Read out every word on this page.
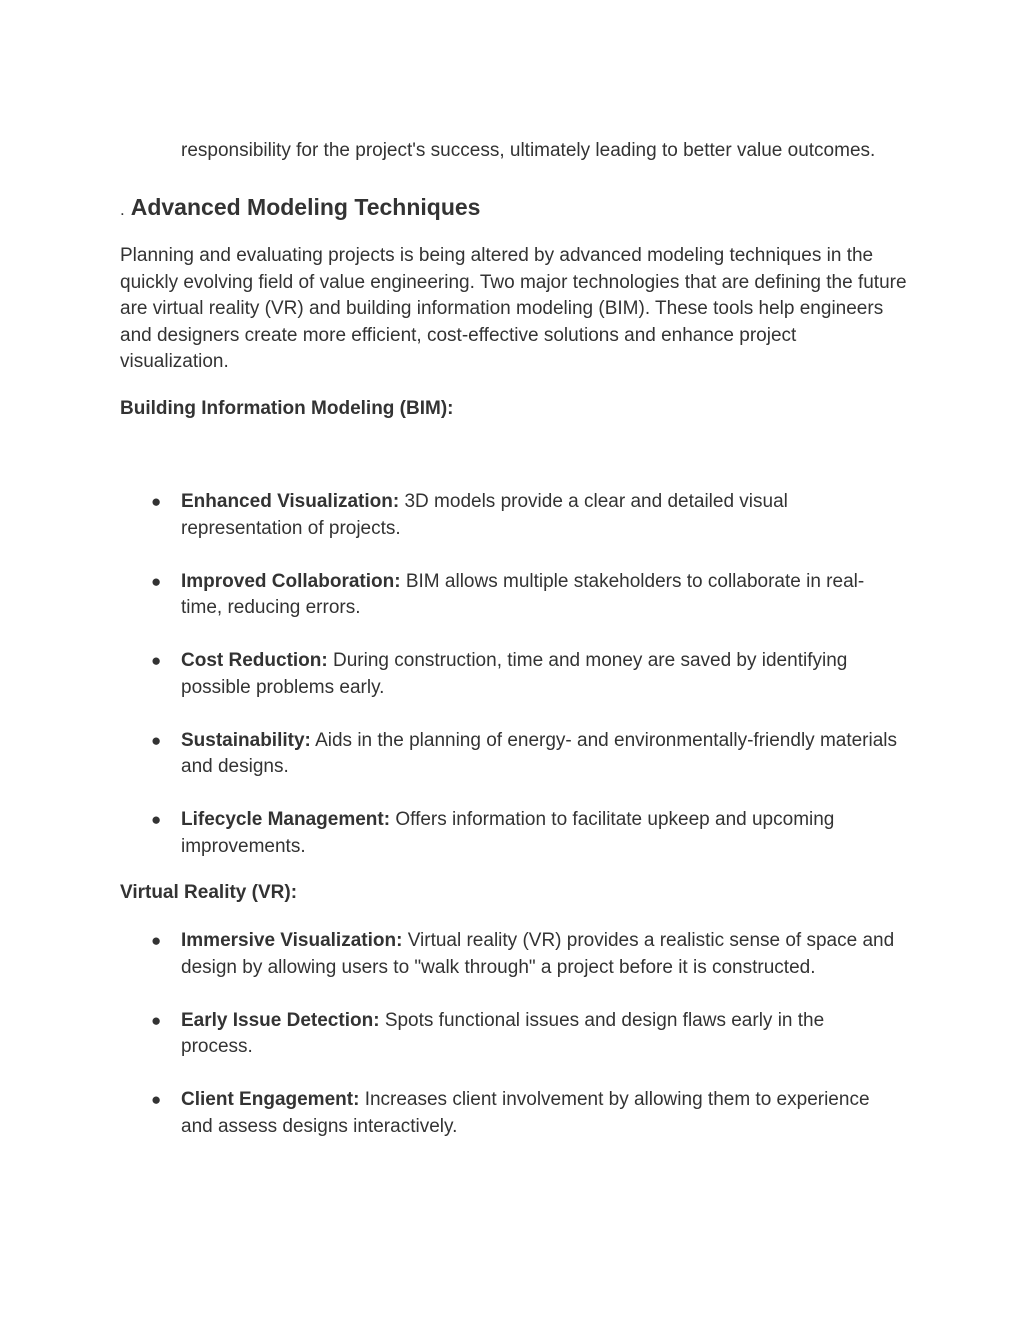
responsibility for the project's success, ultimately leading to better value outcomes.

. Advanced Modeling Techniques

Planning and evaluating projects is being altered by advanced modeling techniques in the quickly evolving field of value engineering. Two major technologies that are defining the future are virtual reality (VR) and building information modeling (BIM). These tools help engineers and designers create more efficient, cost-effective solutions and enhance project visualization.

Building Information Modeling (BIM):
● Enhanced Visualization: 3D models provide a clear and detailed visual representation of projects.
● Improved Collaboration: BIM allows multiple stakeholders to collaborate in real-time, reducing errors.
● Cost Reduction: During construction, time and money are saved by identifying possible problems early.
● Sustainability: Aids in the planning of energy- and environmentally-friendly materials and designs.
● Lifecycle Management: Offers information to facilitate upkeep and upcoming improvements.
Virtual Reality (VR):
● Immersive Visualization: Virtual reality (VR) provides a realistic sense of space and design by allowing users to "walk through" a project before it is constructed.
● Early Issue Detection: Spots functional issues and design flaws early in the process.
● Client Engagement: Increases client involvement by allowing them to experience and assess designs interactively.
